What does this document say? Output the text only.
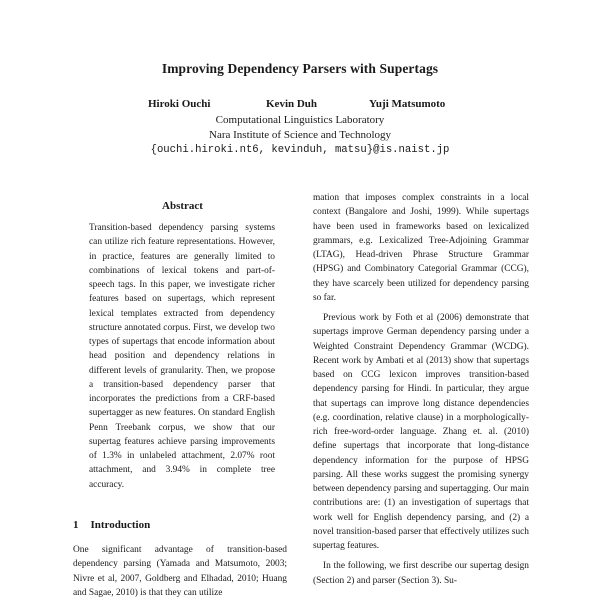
Improving Dependency Parsers with Supertags
Hiroki Ouchi	Kevin Duh	Yuji Matsumoto
Computational Linguistics Laboratory
Nara Institute of Science and Technology
{ouchi.hiroki.nt6, kevinduh, matsu}@is.naist.jp
Abstract

Transition-based dependency parsing systems can utilize rich feature representations. However, in practice, features are generally limited to combinations of lexical tokens and part-of-speech tags. In this paper, we investigate richer features based on supertags, which represent lexical templates extracted from dependency structure annotated corpus. First, we develop two types of supertags that encode information about head position and dependency relations in different levels of granularity. Then, we propose a transition-based dependency parser that incorporates the predictions from a CRF-based supertagger as new features. On standard English Penn Treebank corpus, we show that our supertag features achieve parsing improvements of 1.3% in unlabeled attachment, 2.07% root attachment, and 3.94% in complete tree accuracy.

1 Introduction

One significant advantage of transition-based dependency parsing (Yamada and Matsumoto, 2003; Nivre et al, 2007, Goldberg and Elhadad, 2010; Huang and Sagae, 2010) is that they can utilize

mation that imposes complex constraints in a local context (Bangalore and Joshi, 1999). While supertags have been used in frameworks based on lexicalized grammars, e.g. Lexicalized Tree-Adjoining Grammar (LTAG), Head-driven Phrase Structure Grammar (HPSG) and Combinatory Categorial Grammar (CCG), they have scarcely been utilized for dependency parsing so far.

Previous work by Foth et al (2006) demonstrate that supertags improve German dependency parsing under a Weighted Constraint Dependency Grammar (WCDG). Recent work by Ambati et al (2013) show that supertags based on CCG lexicon improves transition-based dependency parsing for Hindi. In particular, they argue that supertags can improve long distance dependencies (e.g. coordination, relative clause) in a morphologically-rich free-word-order language. Zhang et. al. (2010) define supertags that incorporate that long-distance dependency information for the purpose of HPSG parsing. All these works suggest the promising synergy between dependency parsing and supertagging. Our main contributions are: (1) an investigation of supertags that work well for English dependency parsing, and (2) a novel transition-based parser that effectively utilizes such supertag features.

In the following, we first describe our supertag design (Section 2) and parser (Section 3). Su-
